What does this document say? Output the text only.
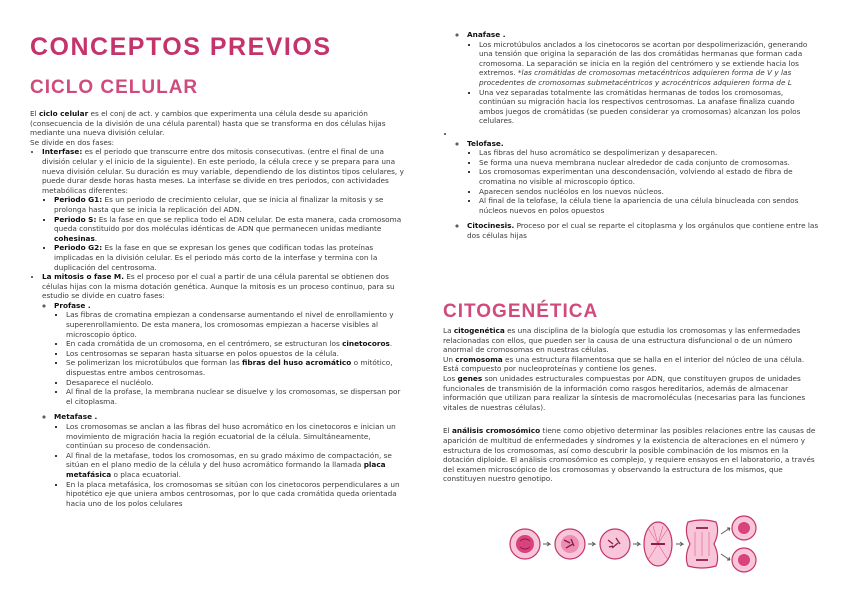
CONCEPTOS PREVIOS
CICLO CELULAR
El ciclo celular es el conj de act. y cambios que experimenta una célula desde su aparición (consecuencia de la división de una célula parental) hasta que se transforma en dos células hijas mediante una nueva división celular.
Se divide en dos fases:
• Interfase: es el periodo que transcurre entre dos mitosis consecutivas. (entre el final de una división celular y el inicio de la siguiente). En este periodo, la célula crece y se prepara para una nueva división celular. Su duración es muy variable, dependiendo de los distintos tipos celulares, y puede durar desde horas hasta meses. La interfase se divide en tres periodos, con actividades metabólicas diferentes:
▪ Periodo G1: Es un periodo de crecimiento celular, que se inicia al finalizar la mitosis y se prolonga hasta que se inicia la replicación del ADN.
▪ Periodo S: Es la fase en que se replica todo el ADN celular. De esta manera, cada cromosoma queda constituido por dos moléculas idénticas de ADN que permanecen unidas mediante cohesinas.
▪ Periodo G2: Es la fase en que se expresan los genes que codifican todas las proteínas implicadas en la división celular. Es el periodo más corto de la interfase y termina con la duplicación del centrosoma.
• La mitosis o fase M. Es el proceso por el cual a partir de una célula parental se obtienen dos células hijas con la misma dotación genética. Aunque la mitosis es un proceso continuo, para su estudio se divide en cuatro fases:
◦ Profase .
▪ Las fibras de cromatina empiezan a condensarse aumentando el nivel de enrollamiento y superenrollamiento. De esta manera, los cromosomas empiezan a hacerse visibles al microscopio óptico.
▪ En cada cromátida de un cromosoma, en el centrómero, se estructuran los cinetocoros.
▪ Los centrosomas se separan hasta situarse en polos opuestos de la célula.
▪ Se polimerizan los microtúbulos que forman las fibras del huso acromático o mitótico, dispuestas entre ambos centrosomas.
▪ Desaparece el nucléolo.
▪ Al final de la profase, la membrana nuclear se disuelve y los cromosomas, se dispersan por el citoplasma.
◦ Metafase .
▪ Los cromosomas se anclan a las fibras del huso acromático en los cinetocoros e inician un movimiento de migración hacia la región ecuatorial de la célula. Simultáneamente, continúan su proceso de condensación.
▪ Al final de la metafase, todos los cromosomas, en su grado máximo de compactación, se sitúan en el plano medio de la célula y del huso acromático formando la llamada placa metafásica o placa ecuatorial.
▪ En la placa metafásica, los cromosomas se sitúan con los cinetocoros perpendiculares a un hipotético eje que uniera ambos centrosomas, por lo que cada cromátida queda orientada hacia uno de los polos celulares
◦ Anafase .
▪ Los microtúbulos anclados a los cinetocoros se acortan por despolimerización, generando una tensión que origina la separación de las dos cromátidas hermanas que forman cada cromosoma. La separación se inicia en la región del centrómero y se extiende hacia los extremos. *las cromátidas de cromosomas metacéntricos adquieren forma de V y las procedentes de cromosomas submetacéntricos y acrocéntricos adquieren forma de L
▪ Una vez separadas totalmente las cromátidas hermanas de todos los cromosomas, continúan su migración hacia los respectivos centrosomas. La anafase finaliza cuando ambos juegos de cromátidas (se pueden considerar ya cromosomas) alcanzan los polos celulares.
•
◦ Telofase.
▪ Las fibras del huso acromático se despolimerizan y desaparecen.
▪ Se forma una nueva membrana nuclear alrededor de cada conjunto de cromosomas.
▪ Los cromosomas experimentan una descondensación, volviendo al estado de fibra de cromatina no visible al microscopio óptico.
▪ Aparecen sendos nucléolos en los nuevos núcleos.
▪ Al final de la telofase, la célula tiene la apariencia de una célula binucleada con sendos núcleos nuevos en polos opuestos
◦ Citocinesis. Proceso por el cual se reparte el citoplasma y los orgánulos que contiene entre las dos células hijas
CITOGENÉTICA
La citogenética es una disciplina de la biología que estudia los cromosomas y las enfermedades relacionadas con ellos, que pueden ser la causa de una estructura disfuncional o de un número anormal de cromosomas en nuestras células.
Un cromosoma es una estructura filamentosa que se halla en el interior del núcleo de una célula. Está compuesto por nucleoproteínas y contiene los genes.
Los genes son unidades estructurales compuestas por ADN, que constituyen grupos de unidades funcionales de transmisión de la información como rasgos hereditarios, además de almacenar información que utilizan para realizar la síntesis de macromoléculas (necesarias para las funciones vitales de nuestras células).
El análisis cromosómico tiene como objetivo determinar las posibles relaciones entre las causas de aparición de multitud de enfermedades y síndromes y la existencia de alteraciones en el número y estructura de los cromosomas, así como descubrir la posible combinación de los mismos en la dotación diploide. El análisis cromosómico es complejo, y requiere ensayos en el laboratorio, a través del examen microscópico de los cromosomas y observando la estructura de los mismos, que constituyen nuestro genotipo.
